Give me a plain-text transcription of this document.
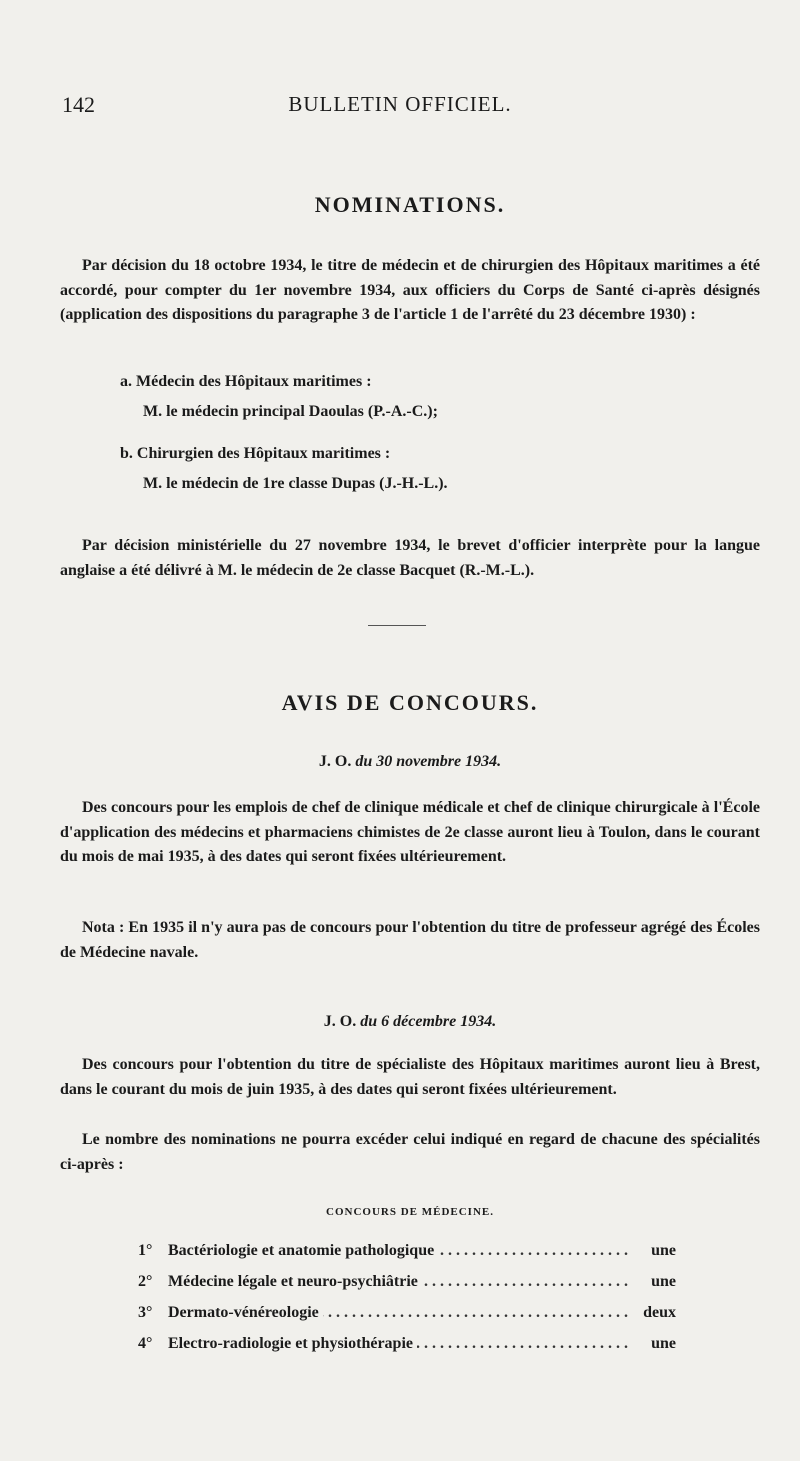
142	BULLETIN OFFICIEL.
NOMINATIONS.
Par décision du 18 octobre 1934, le titre de médecin et de chirurgien des Hôpitaux maritimes a été accordé, pour compter du 1er novembre 1934, aux officiers du Corps de Santé ci-après désignés (application des dispositions du paragraphe 3 de l'article 1 de l'arrêté du 23 décembre 1930) :
a. Médecin des Hôpitaux maritimes :
M. le médecin principal Daoulas (P.-A.-C.);
b. Chirurgien des Hôpitaux maritimes :
M. le médecin de 1re classe Dupas (J.-H.-L.).
Par décision ministérielle du 27 novembre 1934, le brevet d'officier interprète pour la langue anglaise a été délivré à M. le médecin de 2e classe Bacquet (R.-M.-L.).
AVIS DE CONCOURS.
J. O. du 30 novembre 1934.
Des concours pour les emplois de chef de clinique médicale et chef de clinique chirurgicale à l'École d'application des médecins et pharmaciens chimistes de 2e classe auront lieu à Toulon, dans le courant du mois de mai 1935, à des dates qui seront fixées ultérieurement.
Nota : En 1935 il n'y aura pas de concours pour l'obtention du titre de professeur agrégé des Écoles de Médecine navale.
J. O. du 6 décembre 1934.
Des concours pour l'obtention du titre de spécialiste des Hôpitaux maritimes auront lieu à Brest, dans le courant du mois de juin 1935, à des dates qui seront fixées ultérieurement.
Le nombre des nominations ne pourra excéder celui indiqué en regard de chacune des spécialités ci-après :
CONCOURS DE MÉDECINE.
1° . . . Bactériologie et anatomie pathologique	une
2° . . . Médecine légale et neuro-psychiâtrie	une
3° . . . Dermato-vénéreologie	deux
4° . . . Electro-radiologie et physiothérapie	une
